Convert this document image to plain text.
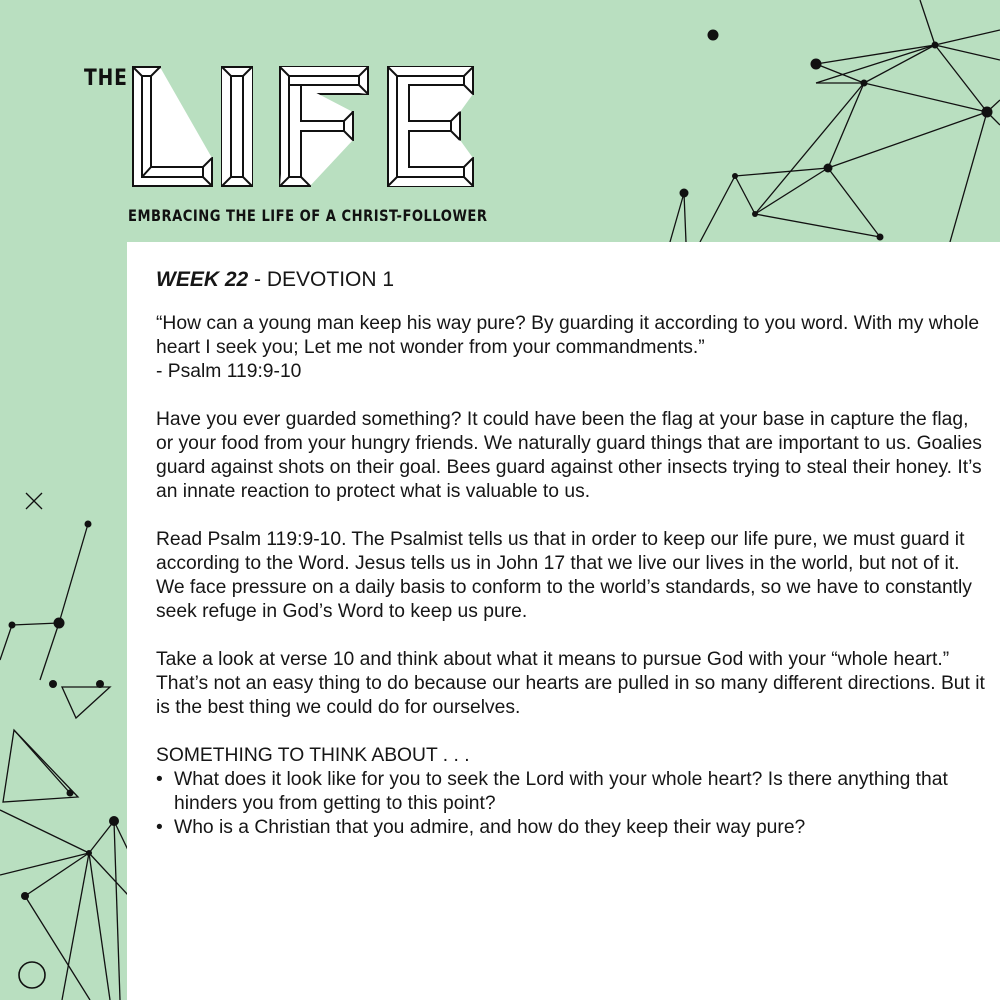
THE
EMBRACING THE LIFE OF A CHRIST-FOLLOWER
WEEK 22 - DEVOTION 1

“How can a young man keep his way pure? By guarding it according to you word. With my whole heart I seek you; Let me not wonder from your commandments.”
- Psalm 119:9-10

Have you ever guarded something? It could have been the flag at your base in capture the flag, or your food from your hungry friends. We naturally guard things that are important to us. Goalies guard against shots on their goal. Bees guard against other insects trying to steal their honey. It’s an innate reaction to protect what is valuable to us.

Read Psalm 119:9-10. The Psalmist tells us that in order to keep our life pure, we must guard it according to the Word. Jesus tells us in John 17 that we live our lives in the world, but not of it. We face pressure on a daily basis to conform to the world’s standards, so we have to constantly seek refuge in God’s Word to keep us pure.

Take a look at verse 10 and think about what it means to pursue God with your “whole heart.” That’s not an easy thing to do because our hearts are pulled in so many different directions. But it is the best thing we could do for ourselves.

SOMETHING TO THINK ABOUT . . .
• What does it look like for you to seek the Lord with your whole heart? Is there anything that hinders you from getting to this point?
• Who is a Christian that you admire, and how do they keep their way pure?
